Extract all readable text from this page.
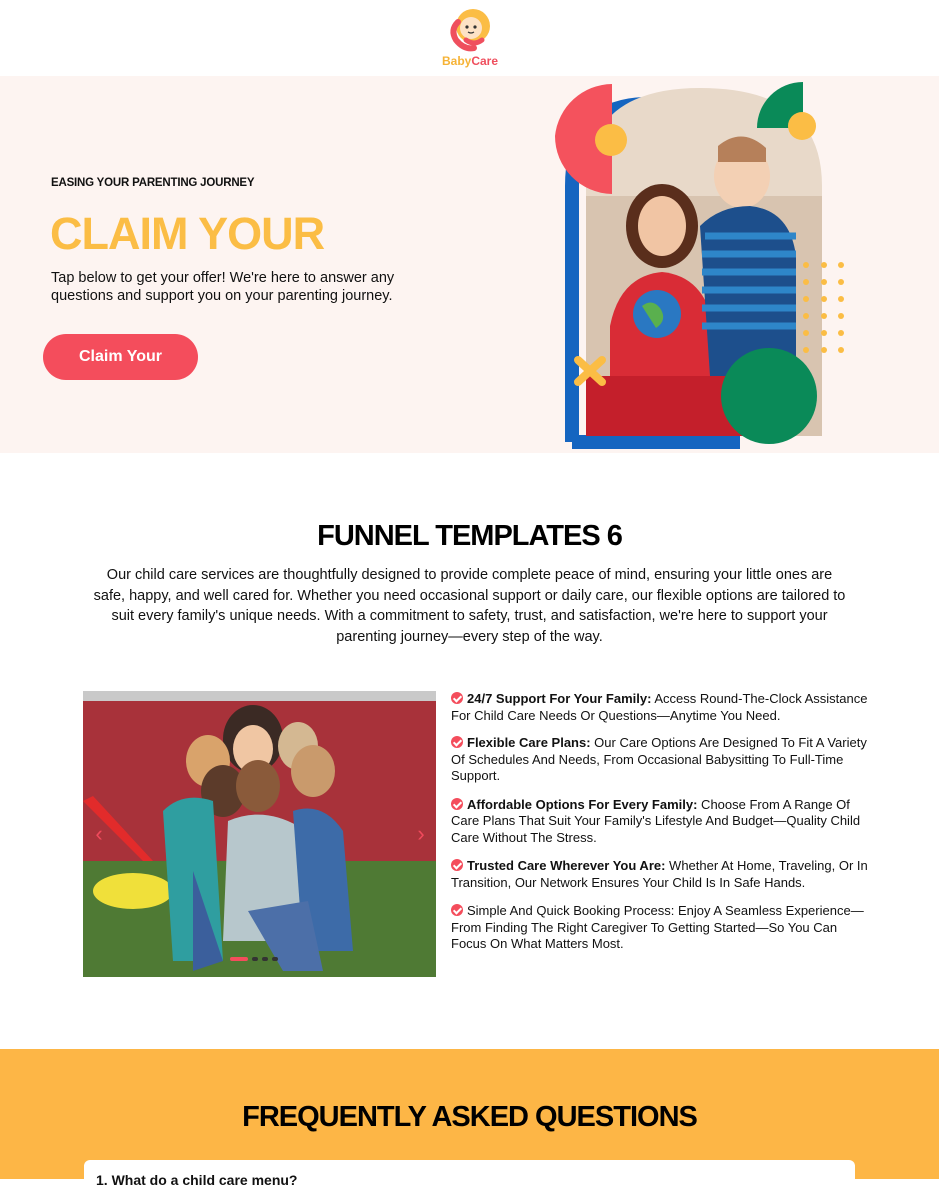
BabyCare
EASING YOUR PARENTING JOURNEY
CLAIM YOUR
Tap below to get your offer! We're here to answer any questions and support you on your parenting journey.
Claim Your
FUNNEL TEMPLATES 6
Our child care services are thoughtfully designed to provide complete peace of mind, ensuring your little ones are safe, happy, and well cared for. Whether you need occasional support or daily care, our flexible options are tailored to suit every family's unique needs. With a commitment to safety, trust, and satisfaction, we're here to support your parenting journey—every step of the way.
‹	›
24/7 Support For Your Family: Access Round-The-Clock Assistance For Child Care Needs Or Questions—Anytime You Need.
Flexible Care Plans: Our Care Options Are Designed To Fit A Variety Of Schedules And Needs, From Occasional Babysitting To Full-Time Support.
Affordable Options For Every Family: Choose From A Range Of Care Plans That Suit Your Family's Lifestyle And Budget—Quality Child Care Without The Stress.
Trusted Care Wherever You Are: Whether At Home, Traveling, Or In Transition, Our Network Ensures Your Child Is In Safe Hands.
Simple And Quick Booking Process: Enjoy A Seamless Experience—From Finding The Right Caregiver To Getting Started—So You Can Focus On What Matters Most.
FREQUENTLY ASKED QUESTIONS
1. What do a child care menu?
